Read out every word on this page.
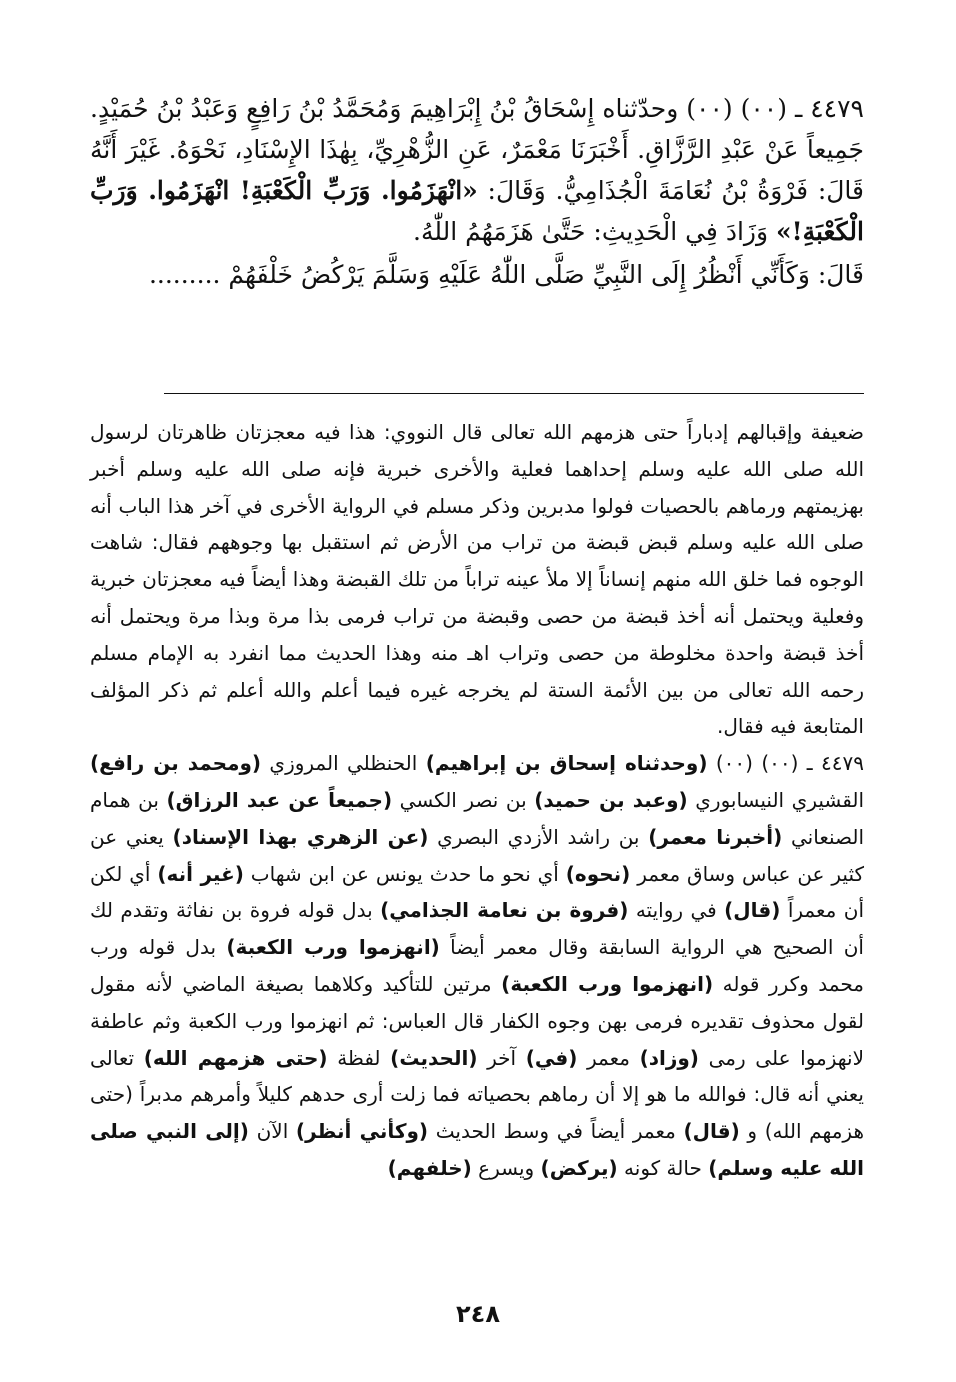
٤٤٧٩ ـ (٠٠) (٠٠) وحدّثناه إِسْحَاقُ بْنُ إِبْرَاهِيمَ وَمُحَمَّدُ بْنُ رَافِعٍ وَعَبْدُ بْنُ حُمَيْدٍ. جَمِيعاً عَنْ عَبْدِ الرَّزَّاقِ. أَخْبَرَنَا مَعْمَرٌ، عَنِ الزُّهْرِيِّ، بِهٰذَا الإِسْنَادِ، نَحْوَهُ. غَيْرَ أَنَّهُ قَالَ: فَرْوَةُ بْنُ نُعَامَةَ الْجُذَامِيُّ. وَقَالَ: «انْهَزَمُوا. وَرَبِّ الْكَعْبَةِ! انْهَزَمُوا. وَرَبِّ الْكَعْبَةِ!» وَزَادَ فِي الْحَدِيثِ: حَتَّىٰ هَزَمَهُمُ اللّٰهُ.

قَالَ: وَكَأَنِّي أَنْظُرُ إِلَى النَّبِيِّ صَلَّى اللّٰهُ عَلَيْهِ وَسَلَّمَ يَرْكُضُ خَلْفَهُمْ .........

ضعيفة وإقبالهم إدباراً حتى هزمهم الله تعالى قال النووي: هذا فيه معجزتان ظاهرتان لرسول الله صلى الله عليه وسلم إحداهما فعلية والأخرى خبرية فإنه صلى الله عليه وسلم أخبر بهزيمتهم ورماهم بالحصيات فولوا مدبرين وذكر مسلم في الرواية الأخرى في آخر هذا الباب أنه صلى الله عليه وسلم قبض قبضة من تراب من الأرض ثم استقبل بها وجوههم فقال: شاهت الوجوه فما خلق الله منهم إنساناً إلا ملأ عينه تراباً من تلك القبضة وهذا أيضاً فيه معجزتان خبرية وفعلية ويحتمل أنه أخذ قبضة من حصى وقبضة من تراب فرمى بذا مرة وبذا مرة ويحتمل أنه أخذ قبضة واحدة مخلوطة من حصى وتراب اهـ منه وهذا الحديث مما انفرد به الإمام مسلم رحمه الله تعالى من بين الأئمة الستة لم يخرجه غيره فيما أعلم والله أعلم ثم ذكر المؤلف المتابعة فيه فقال.

٤٤٧٩ ـ (٠٠) (٠٠) (وحدثناه إسحاق بن إبراهيم) الحنظلي المروزي (ومحمد بن رافع) القشيري النيسابوري (وعبد بن حميد) بن نصر الكسي (جميعاً عن عبد الرزاق) بن همام الصنعاني (أخبرنا معمر) بن راشد الأزدي البصري (عن الزهري بهذا الإسناد) يعني عن كثير عن عباس وساق معمر (نحوه) أي نحو ما حدث يونس عن ابن شهاب (غير أنه) أي لكن أن معمراً (قال) في روايته (فروة بن نعامة الجذامي) بدل قوله فروة بن نفاثة وتقدم لك أن الصحيح هي الرواية السابقة وقال معمر أيضاً (انهزموا ورب الكعبة) بدل قوله ورب محمد وكرر قوله (انهزموا ورب الكعبة) مرتين للتأكيد وكلاهما بصيغة الماضي لأنه مقول لقول محذوف تقديره فرمى بهن وجوه الكفار قال العباس: ثم انهزموا ورب الكعبة وثم عاطفة لانهزموا على رمى (وزاد) معمر (في) آخر (الحديث) لفظة (حتى هزمهم الله) تعالى يعني أنه قال: فوالله ما هو إلا أن رماهم بحصياته فما زلت أرى حدهم كليلاً وأمرهم مدبراً (حتى هزمهم الله) و (قال) معمر أيضاً في وسط الحديث (وكأني أنظر) الآن (إلى النبي صلى الله عليه وسلم) حالة كونه (يركض) ويسرع (خلفهم)

٢٤٨
